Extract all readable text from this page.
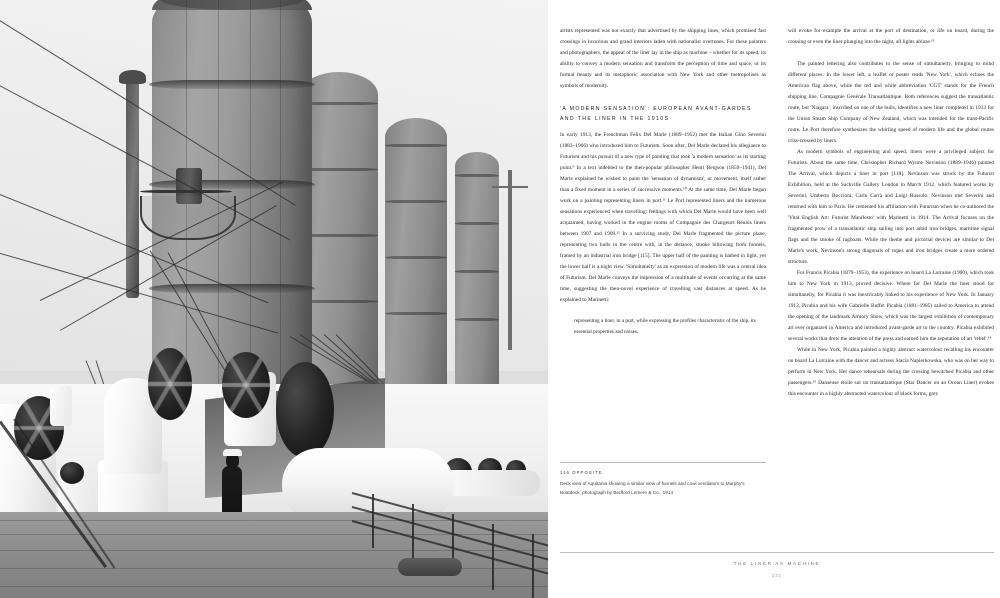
artists represented was not exactly that advertised by the shipping lines, which promised fast crossings in luxurious and grand interiors laden with nationalist overtones. For these painters and photographers, the appeal of the liner lay in the ship as machine – whether for its speed, its ability to convey a modern sensation and transform the perception of time and space, or its formal beauty and its metaphoric association with New York and other metropolises as symbols of modernity.

'A MODERN SENSATION': EUROPEAN AVANT-GARDES
AND THE LINER IN THE 1910S

In early 1913, the Frenchman Félix Del Marle (1889–1952) met the Italian Gino Severini (1883–1966) who introduced him to Futurism. Soon after, Del Marle declared his allegiance to Futurism and his pursuit of a new type of painting that took 'a modern sensation' as its starting point.⁹ In a text indebted to the then-popular philosopher Henri Bergson (1859–1941), Del Marle explained he wished to paint the 'sensation of dynamism', or movement, itself rather than a fixed moment in a series of successive moments.¹⁰ At the same time, Del Marle began work on a painting representing liners in port.¹¹ Le Port represented liners and the numerous sensations experienced when travelling: feelings with which Del Marle would have been well acquainted, having worked in the engine rooms of Compagnie des Chargeurs Réunis liners between 1907 and 1909.¹² In a surviving study, Del Marle fragmented the picture plane, representing two hulls in the centre with, in the distance, smoke billowing from funnels, framed by an industrial iron bridge [115]. The upper half of the painting is bathed in light, yet the lower half is a night view. 'Simultaneity' as an expression of modern life was a central idea of Futurism. Del Marle conveys the impression of a multitude of events occurring at the same time, suggesting the then-novel experience of travelling vast distances at speed. As he explained to Marinetti:

representing a liner, in a port, while expressing the profiles characteristic of the ship, its essential properties and noises,

will evoke for example the arrival at the port of destination, or life on board, during the crossing or even the liner plunging into the night, all lights ablaze.¹³

The painted lettering also contributes to the sense of simultaneity, bringing to mind different places. In the lower left, a leaflet or poster reads 'New York', which echoes the American flag above, while the red and white abbreviation 'CGT' stands for the French shipping line, Compagnie Générale Transatlantique. Both references suggest the transatlantic route, but 'Niagara', inscribed on one of the hulls, identifies a new liner completed in 1913 for the Union Steam Ship Company of New Zealand, which was intended for the trans-Pacific route. Le Port therefore synthesizes the whirling speed of modern life and the global routes criss-crossed by liners.

As modern symbols of engineering and speed, liners were a privileged subject for Futurists. About the same time, Christopher Richard Wynne Nevinson (1889–1946) painted The Arrival, which depicts a liner in port [118]. Nevinson was struck by the Futurist Exhibition, held at the Sackville Gallery London in March 1912, which featured works by Severini, Umberto Boccioni, Carlo Carrà and Luigi Russolo. Nevinson met Severini and returned with him to Paris. He cemented his affiliation with Futurism when he co-authored the 'Vital English Art: Futurist Manifesto' with Marinetti in 1914. The Arrival focuses on the fragmented prow of a transatlantic ship sailing into port amid iron bridges, maritime signal flags and the smoke of tugboats. While the theme and pictorial devices are similar to Del Marle's work, Nevinson's strong diagonals of ropes and iron bridges create a more ordered structure.

For Francis Picabia (1879–1953), the experience on board La Lorraine (1900), which took him to New York in 1913, proved decisive. Where for Del Marle the liner stood for simultaneity, for Picabia it was inextricably linked to his experience of New York. In January 1913, Picabia and his wife Gabrielle Buffet Picabia (1881–1985) sailed to America to attend the opening of the landmark Armory Show, which was the largest exhibition of contemporary art ever organized in America and introduced avant-garde art to the country. Picabia exhibited several works that drew the attention of the press and earned him the reputation of art 'rebel'.¹⁴

While in New York, Picabia painted a highly abstract watercolour recalling his encounter on board La Lorraine with the dancer and actress Stacia Napierkowska, who was on her way to perform in New York. Her dance rehearsals during the crossing bewitched Picabia and other passengers.¹⁵ Danseuse étoile sur un transatlantique (Star Dancer on an Ocean Liner) evokes this encounter in a highly abstracted watercolour of black forms, grey

116 OPPOSITE
Deck view of Aquitania showing a similar view of funnels and cowl ventilators to Murphy's Boatdeck, photograph by Bedford Lemere & Co., 1914
THE LINER AS MACHINE
231
